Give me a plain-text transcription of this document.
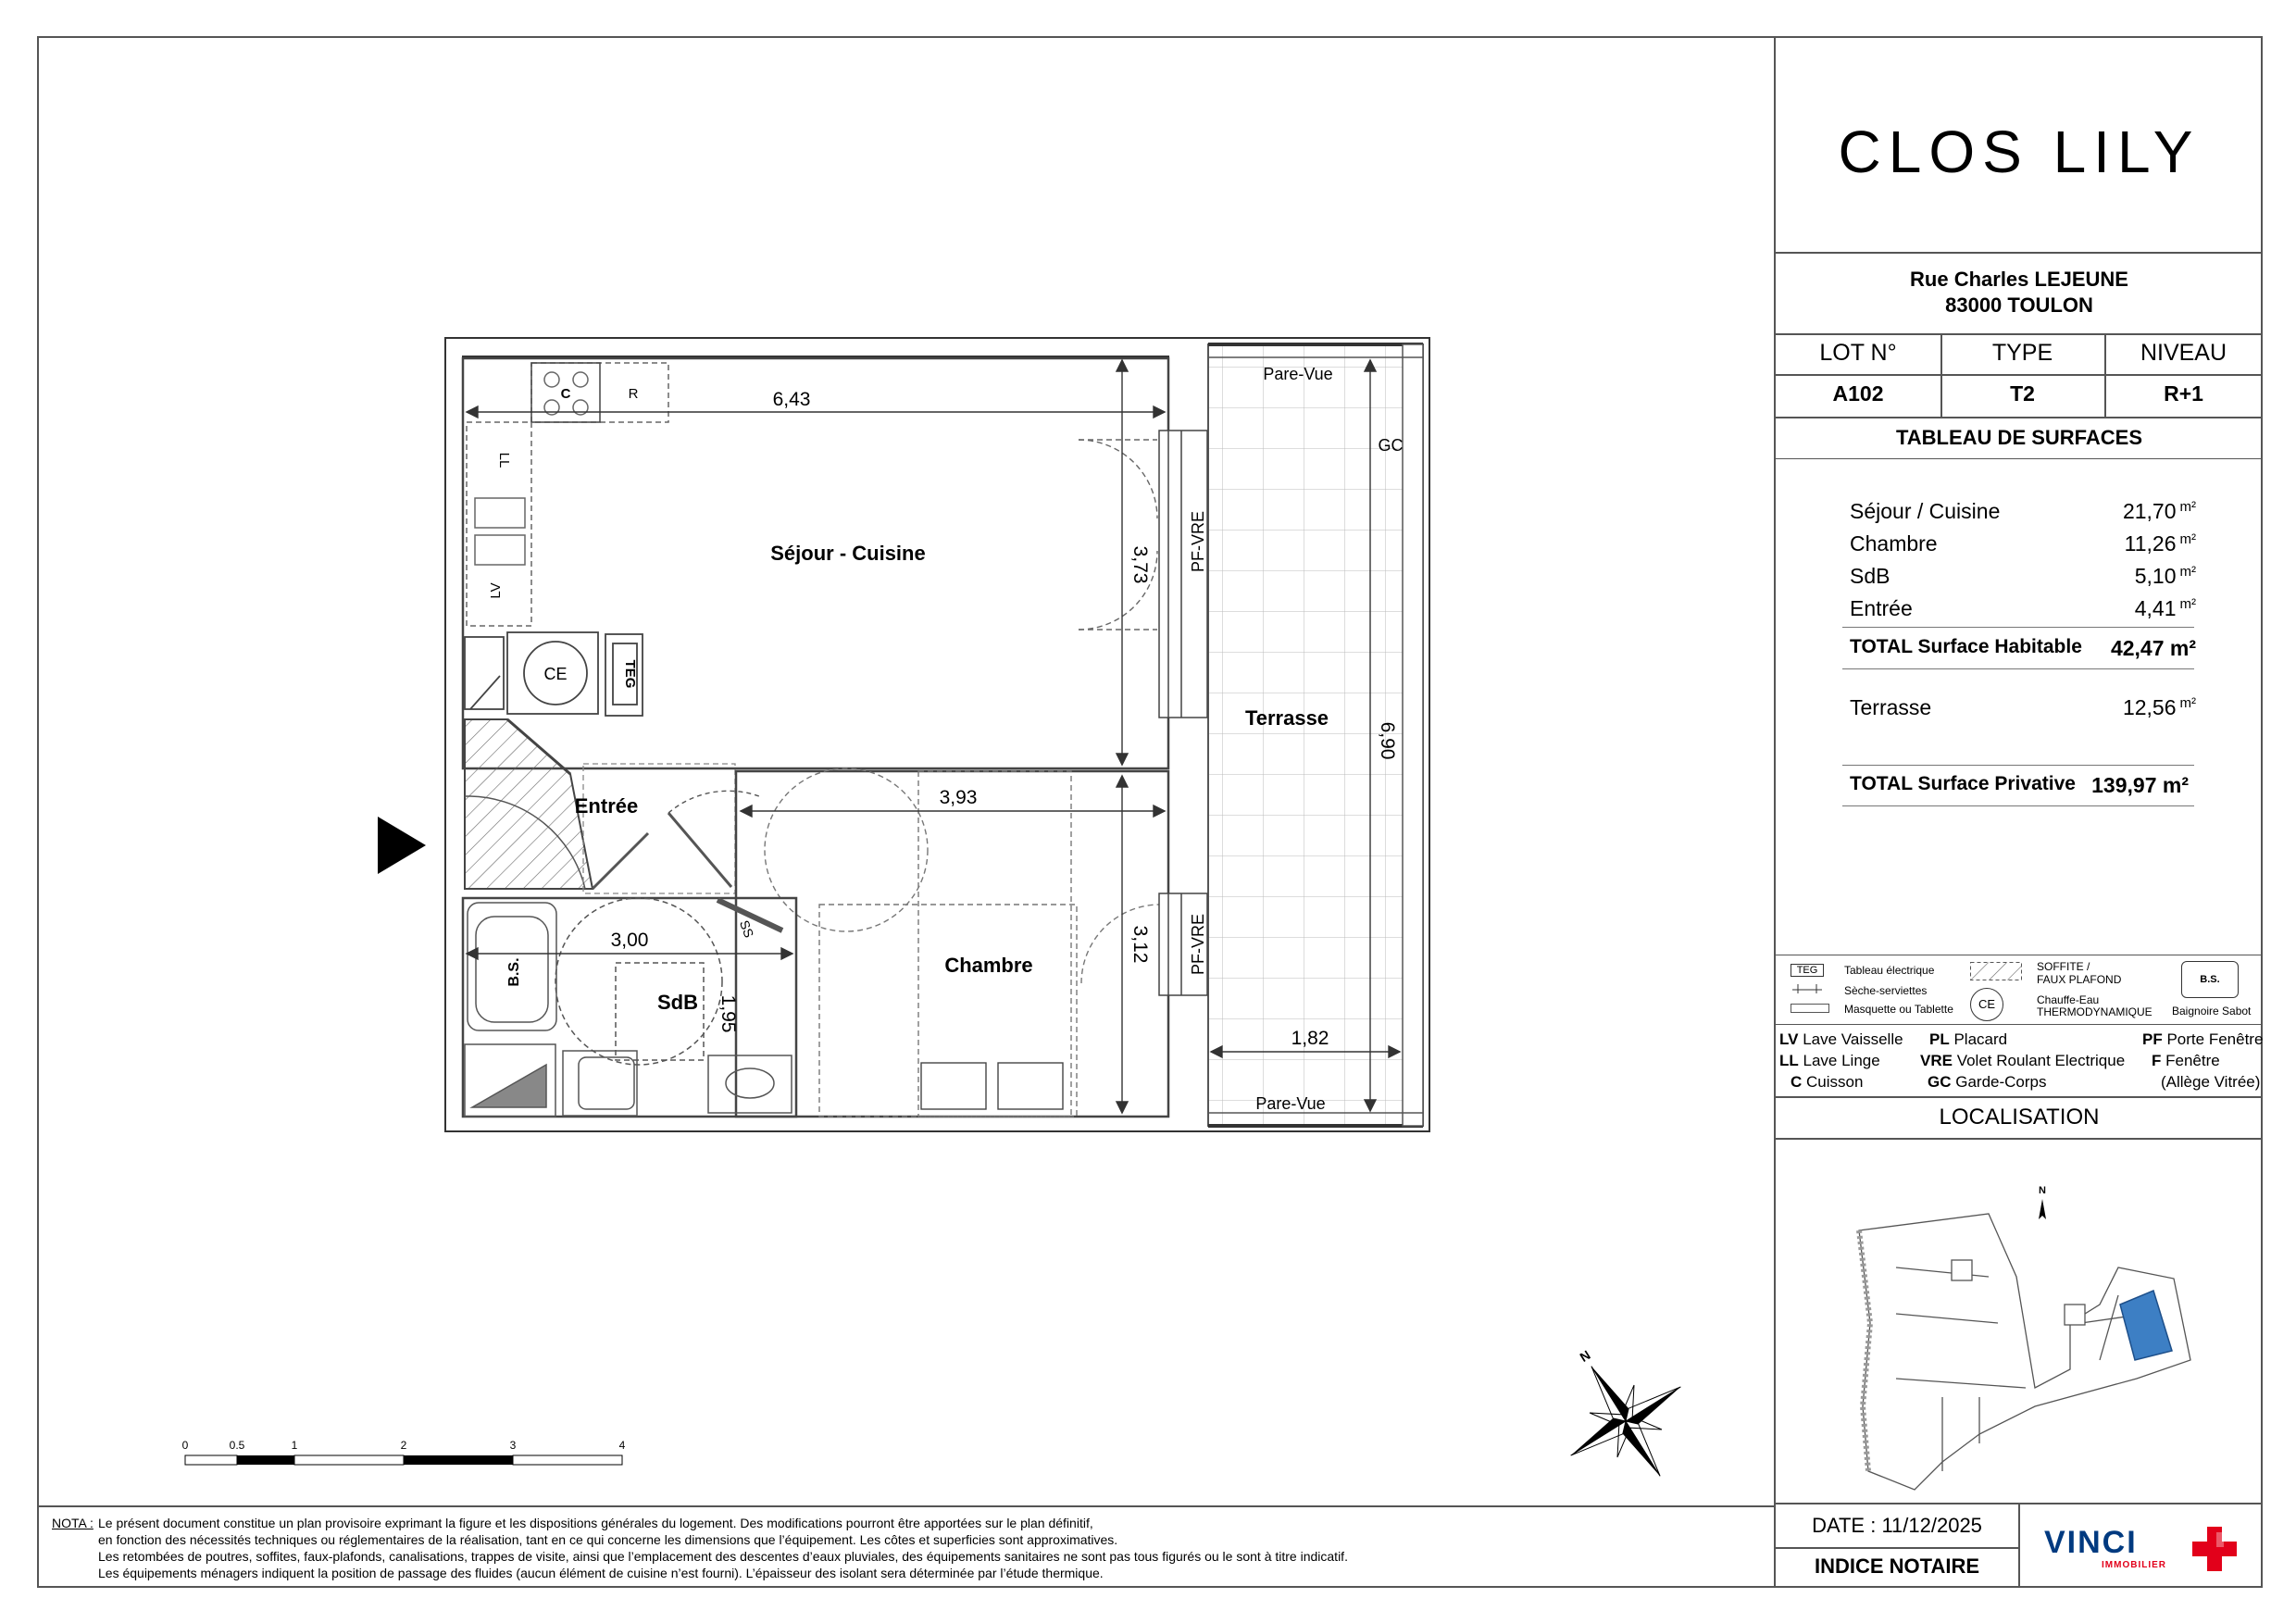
6,43
3,73
6,90
3,93
3,12
3,00
1,95
1,82
Séjour - Cuisine
Terrasse
Entrée
Chambre
SdB
Pare-Vue
Pare-Vue
GC
PF-VRE
PF-VRE
CE
SS
C	R
LL
LV
TEG
B.S.
0	0.5	1	2	3	4
N
CLOS LILY
Rue Charles LEJEUNE
83000 TOULON
LOT N°	TYPE	NIVEAU
A102	T2	R+1
TABLEAU DE SURFACES
Séjour / Cuisine	21,70 $^{m^2}$
Chambre	11,26 $^{m^2}$
SdB	5,10 $^{m^2}$
Entrée	4,41 $^{m^2}$
TOTAL Surface Habitable 42,47 m²
Terrasse	12,56 $^{m^2}$
TOTAL Surface Privative 139,97 m²
TEG	Tableau électrique
Sèche-serviettes
Masquette ou Tablette
SOFFITE /
FAUX PLAFOND
CE	Chauffe-Eau
THERMODYNAMIQUE
B.S.
Baignoire Sabot
LV Lave Vaisselle
LL Lave Linge
C Cuisson
PL Placard
VRE Volet Roulant Electrique
GC Garde-Corps
PF Porte Fenêtre
F Fenêtre
(Allège Vitrée)
LOCALISATION
N
DATE : 11/12/2025
INDICE NOTAIRE
VINCI
IMMOBILIER
NOTA : Le présent document constitue un plan provisoire exprimant la figure et les dispositions générales du logement. Des modifications pourront être apportées sur le plan définitif,
en fonction des nécessités techniques ou réglementaires de la réalisation, tant en ce qui concerne les dimensions que l’équipement. Les côtes et superficies sont approximatives.
Les retombées de poutres, soffites, faux-plafonds, canalisations, trappes de visite, ainsi que l’emplacement des descentes d’eaux pluviales, des équipements sanitaires ne sont pas tous figurés ou le sont à titre indicatif.
Les équipements ménagers indiquent la position de passage des fluides (aucun élément de cuisine n’est fourni). L’épaisseur des isolant sera déterminée par l’étude thermique.
